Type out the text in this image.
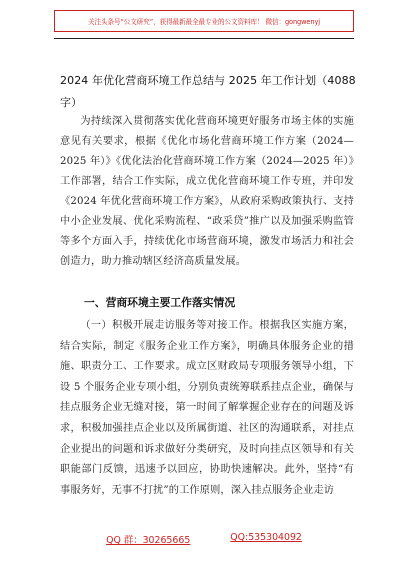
关注头条号“公文研究”，获得最新最全最专业的公文资料库！ 微信：gongwenyj
2024 年优化营商环境工作总结与 2025 年工作计划（4088 字）

为持续深入贯彻落实优化营商环境更好服务市场主体的实施意见有关要求，根据《优化市场化营商环境工作方案（2024—2025 年）》《优化法治化营商环境工作方案（2024—2025 年）》工作部署，结合工作实际，成立优化营商环境工作专班，并印发《2024 年优化营商环境工作方案》，从政府采购政策执行、支持中小企业发展、优化采购流程、“政采贷”推广以及加强采购监管等多个方面入手，持续优化市场营商环境，激发市场活力和社会创造力，助力推动辖区经济高质量发展。

一、营商环境主要工作落实情况

（一）积极开展走访服务等对接工作。根据我区实施方案，结合实际，制定《服务企业工作方案》，明确具体服务企业的措施、职责分工、工作要求。成立区财政局专项服务领导小组，下设 5 个服务企业专项小组，分别负责统筹联系挂点企业，确保与挂点服务企业无缝对接，第一时间了解掌握企业存在的问题及诉求，积极加强挂点企业以及所属街道、社区的沟通联系，对挂点企业提出的问题和诉求做好分类研究，及时向挂点区领导和有关职能部门反馈，迅速予以回应，协助快速解决。此外，坚持“有事服务好，无事不打扰”的工作原则，深入挂点服务企业走访

QQ 群：30265665	QQ:535304092
